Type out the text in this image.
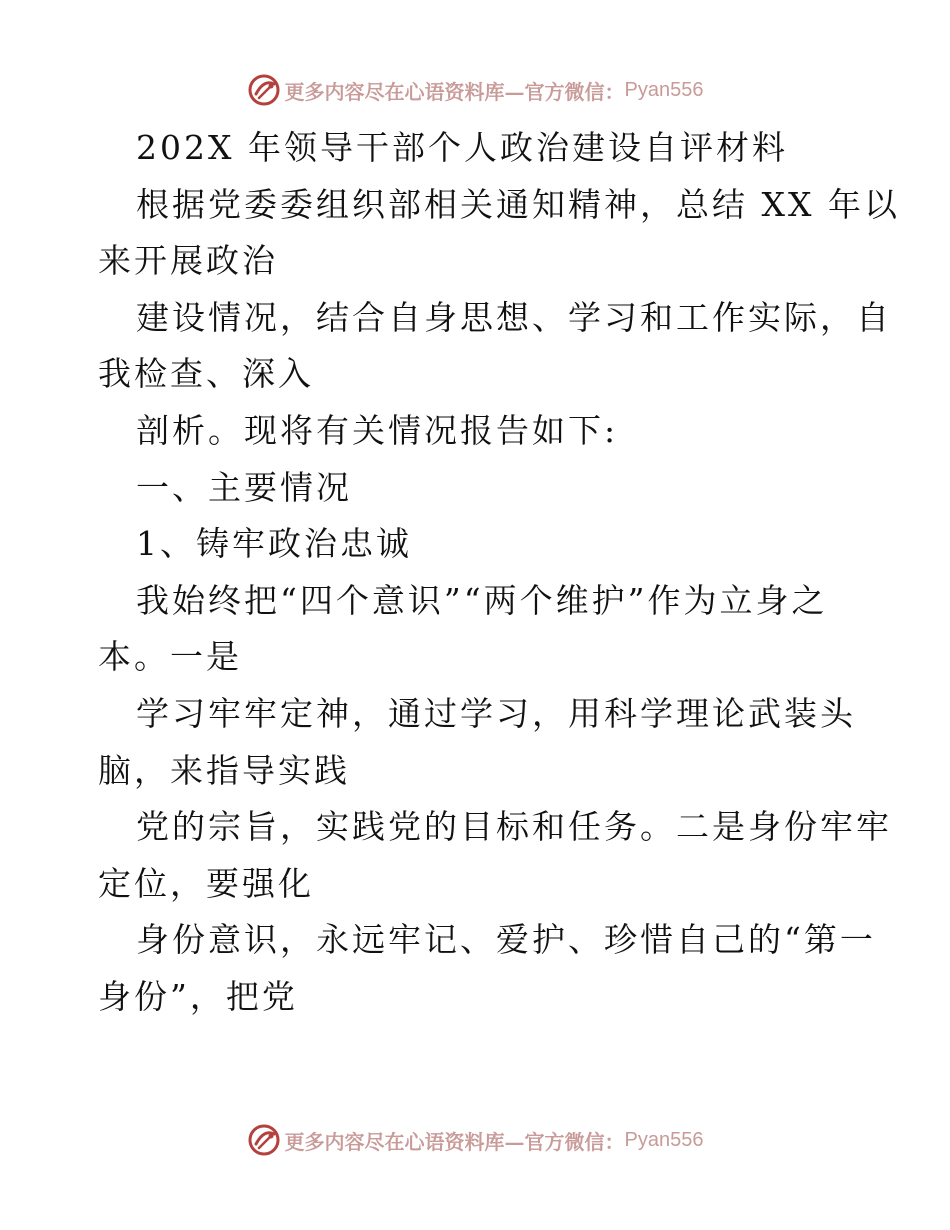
更多内容尽在心语资料库—官方微信： Pyan556
202X 年领导干部个人政治建设自评材料
根据党委委组织部相关通知精神，总结 XX 年以
来开展政治
建设情况，结合自身思想、学习和工作实际，自
我检查、深入
剖析。现将有关情况报告如下:
一、主要情况
1、铸牢政治忠诚
我始终把“四个意识”“两个维护”作为立身之
本。一是
学习牢牢定神，通过学习，用科学理论武装头
脑，来指导实践
党的宗旨，实践党的目标和任务。二是身份牢牢
定位，要强化
身份意识，永远牢记、爱护、珍惜自己的“第一
身份”，把党
更多内容尽在心语资料库—官方微信： Pyan556
